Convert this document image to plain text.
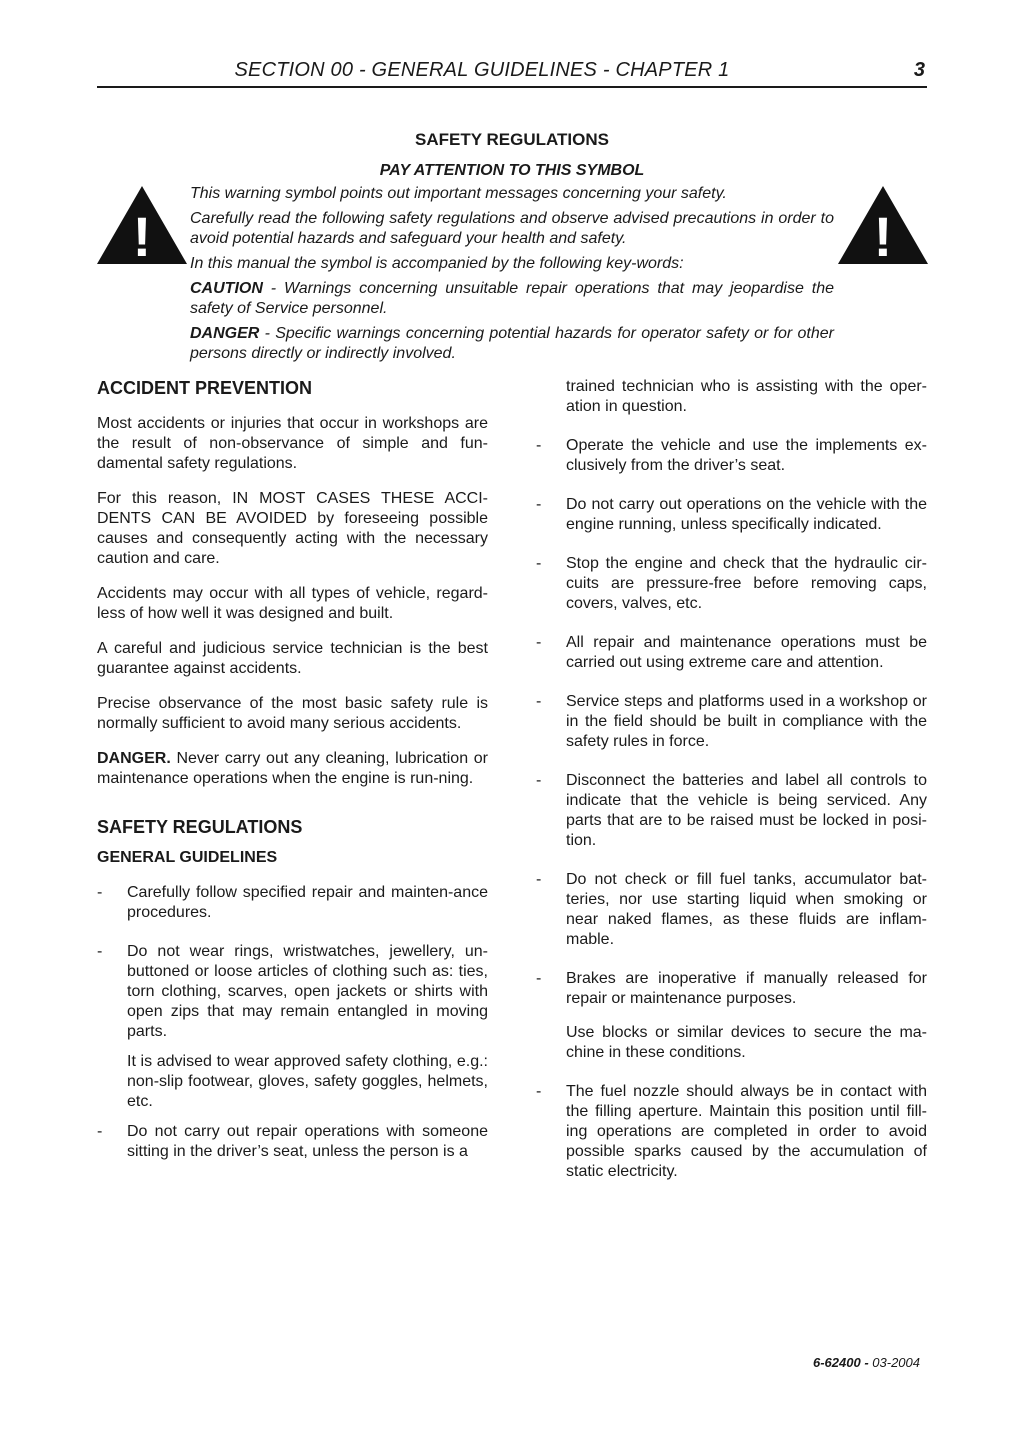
SECTION 00 - GENERAL GUIDELINES - CHAPTER 1	3
SAFETY REGULATIONS
PAY ATTENTION TO THIS SYMBOL
!	!

This warning symbol points out important messages concerning your safety.

Carefully read the following safety regulations and observe advised precautions in order to avoid potential hazards and safeguard your health and safety.

In this manual the symbol is accompanied by the following key-words:

CAUTION - Warnings concerning unsuitable repair operations that may jeopardise the safety of Service personnel.

DANGER - Specific warnings concerning potential hazards for operator safety or for other persons directly or indirectly involved.

ACCIDENT PREVENTION

Most accidents or injuries that occur in workshops are the result of non-observance of simple and fun-damental safety regulations.

For this reason, IN MOST CASES THESE ACCI-DENTS CAN BE AVOIDED by foreseeing possible causes and consequently acting with the necessary caution and care.

Accidents may occur with all types of vehicle, regard-less of how well it was designed and built.

A careful and judicious service technician is the best guarantee against accidents.

Precise observance of the most basic safety rule is normally sufficient to avoid many serious accidents.

DANGER. Never carry out any cleaning, lubrication or maintenance operations when the engine is run-ning.

SAFETY REGULATIONS

GENERAL GUIDELINES

- Carefully follow specified repair and mainten-ance procedures.

- Do not wear rings, wristwatches, jewellery, un-buttoned or loose articles of clothing such as: ties, torn clothing, scarves, open jackets or shirts with open zips that may remain entangled in moving parts.

It is advised to wear approved safety clothing, e.g.: non-slip footwear, gloves, safety goggles, helmets, etc.

- Do not carry out repair operations with someone sitting in the driver’s seat, unless the person is a

trained technician who is assisting with the oper-ation in question.

- Operate the vehicle and use the implements ex-clusively from the driver’s seat.

- Do not carry out operations on the vehicle with the engine running, unless specifically indicated.

- Stop the engine and check that the hydraulic cir-cuits are pressure-free before removing caps, covers, valves, etc.

- All repair and maintenance operations must be carried out using extreme care and attention.

- Service steps and platforms used in a workshop or in the field should be built in compliance with the safety rules in force.

- Disconnect the batteries and label all controls to indicate that the vehicle is being serviced. Any parts that are to be raised must be locked in posi-tion.

- Do not check or fill fuel tanks, accumulator bat-teries, nor use starting liquid when smoking or near naked flames, as these fluids are inflam-mable.

- Brakes are inoperative if manually released for repair or maintenance purposes.

Use blocks or similar devices to secure the ma-chine in these conditions.

- The fuel nozzle should always be in contact with the filling aperture. Maintain this position until fill-ing operations are completed in order to avoid possible sparks caused by the accumulation of static electricity.

6-62400 - 03-2004
